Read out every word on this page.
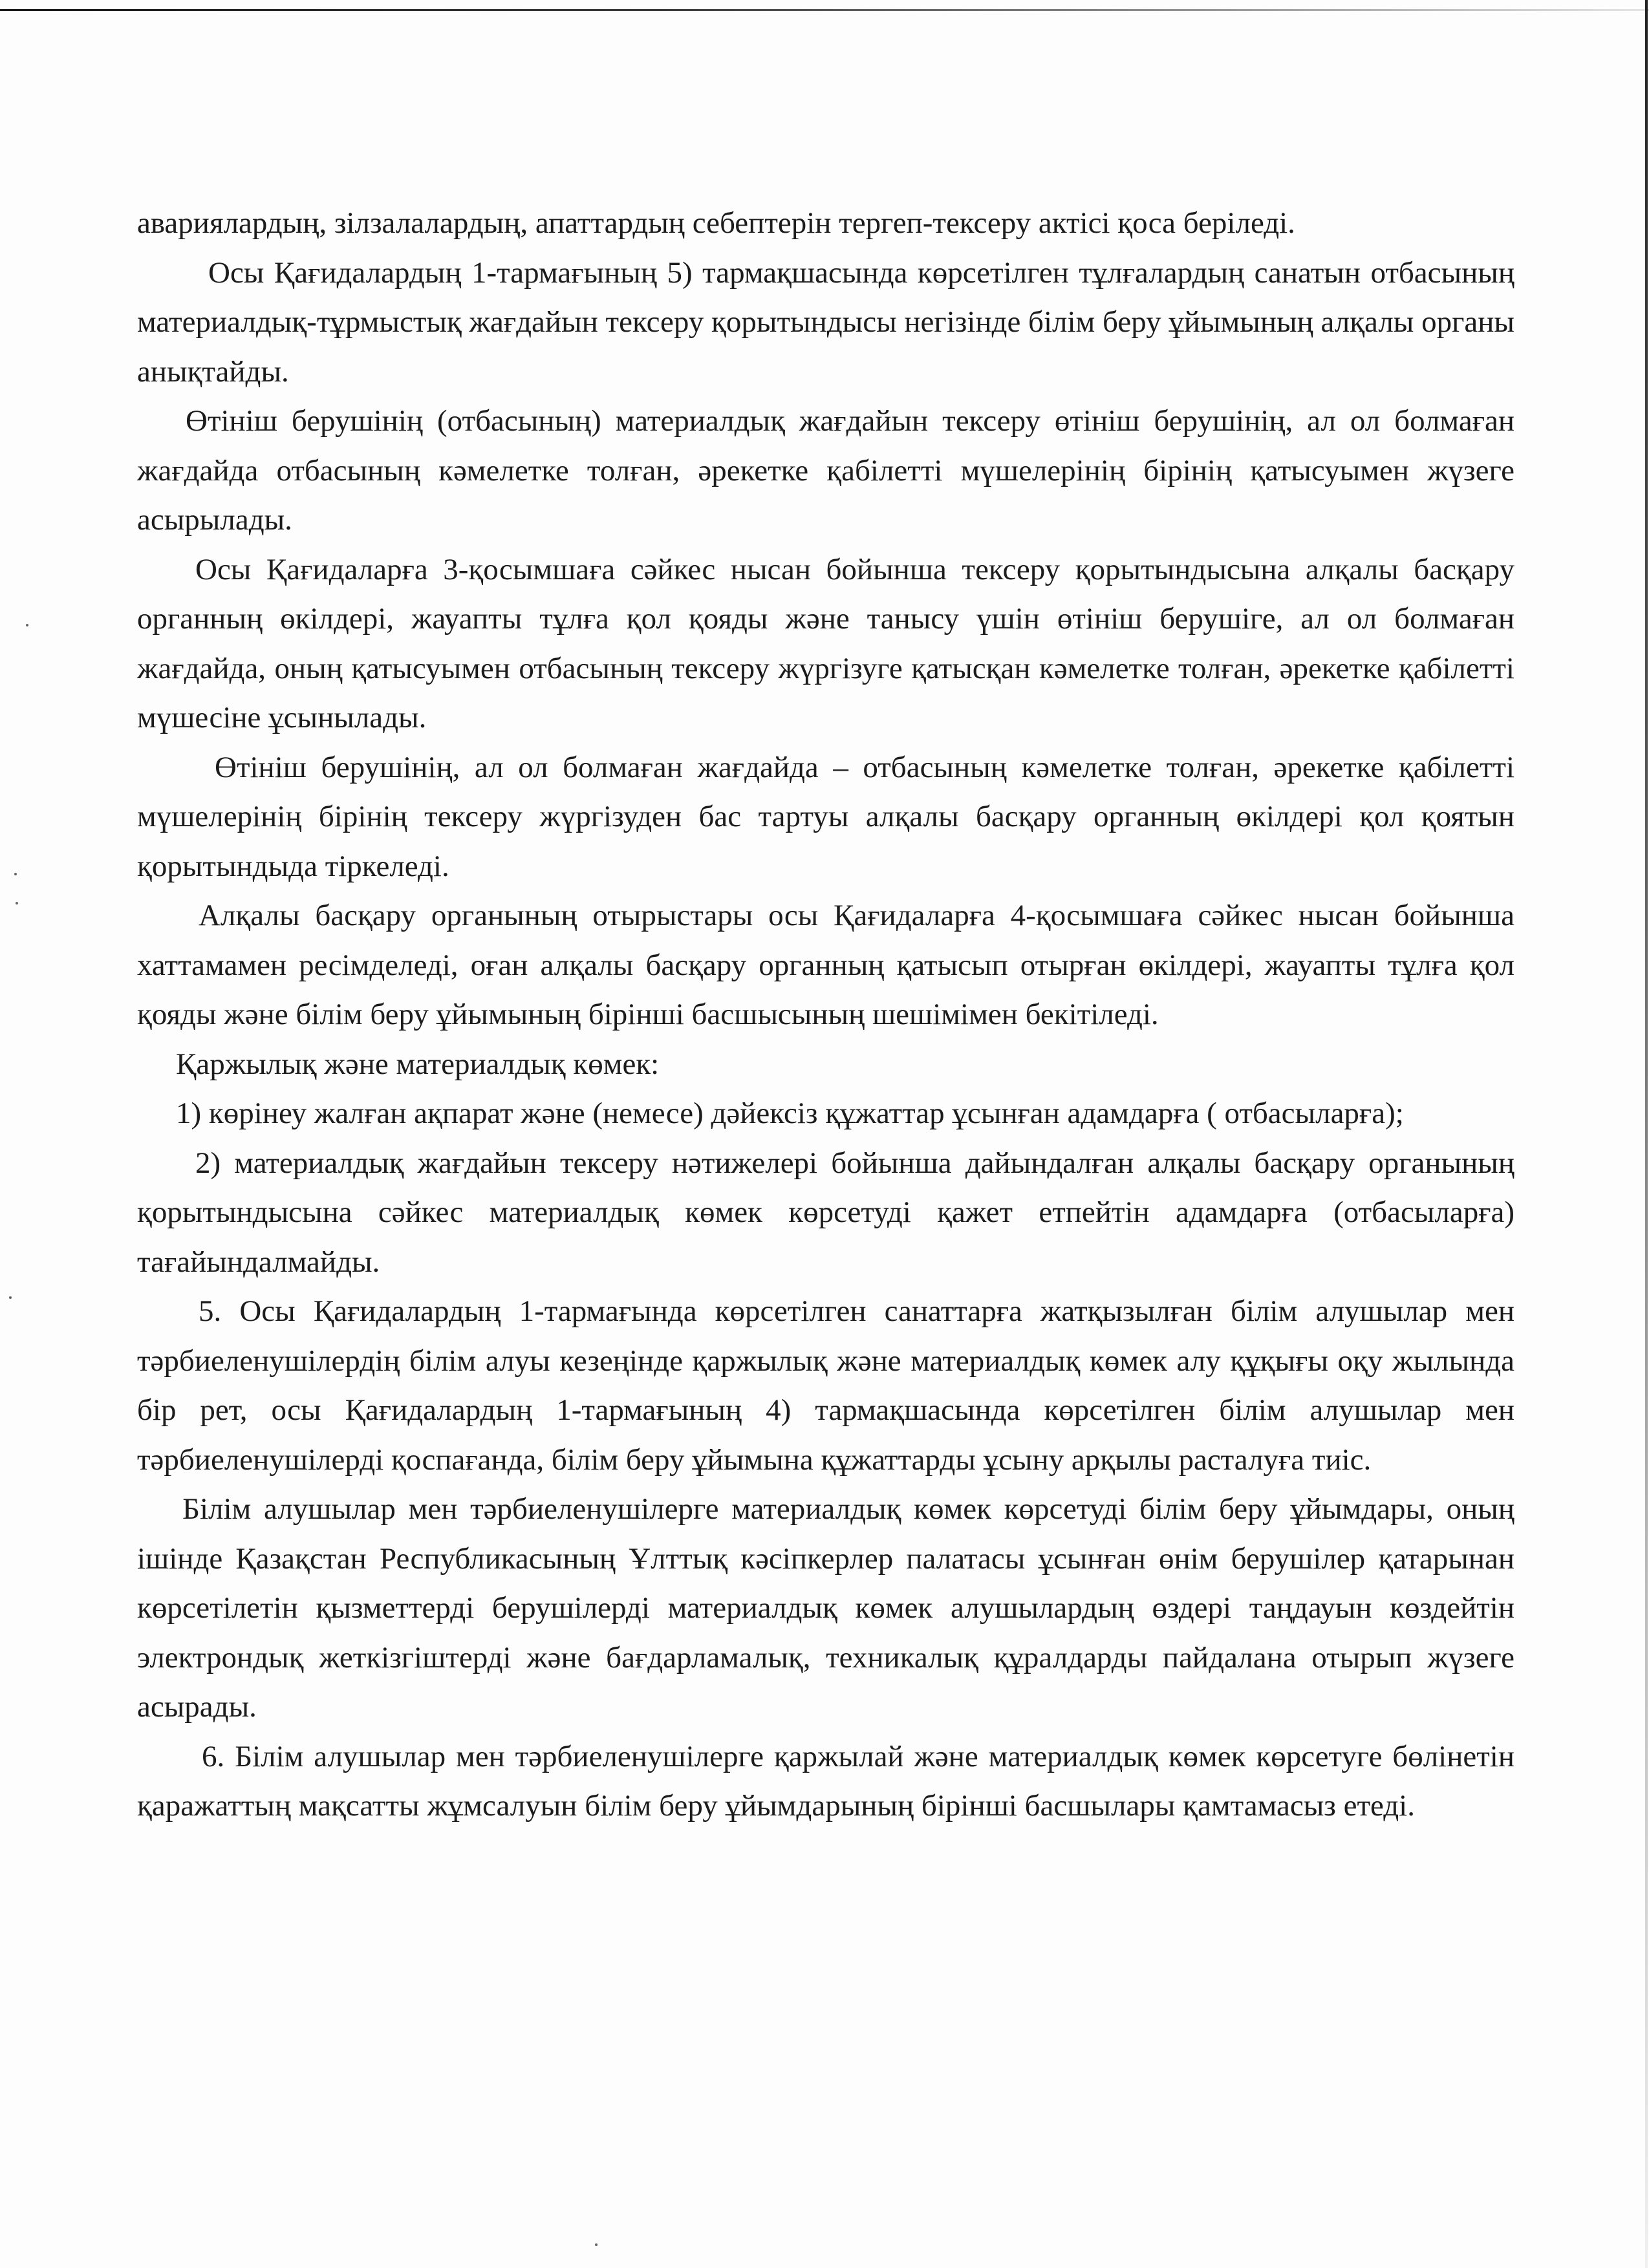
авариялардың, зілзалалардың, апаттардың себептерін тергеп-тексеру актісі қоса беріледі.

Осы Қағидалардың 1-тармағының 5) тармақшасында көрсетілген тұлғалардың санатын отбасының материалдық-тұрмыстық жағдайын тексеру қорытындысы негізінде білім беру ұйымының алқалы органы анықтайды.

Өтініш берушінің (отбасының) материалдық жағдайын тексеру өтініш берушінің, ал ол болмаған жағдайда отбасының кәмелетке толған, әрекетке қабілетті мүшелерінің бірінің қатысуымен жүзеге асырылады.

Осы Қағидаларға 3-қосымшаға сәйкес нысан бойынша тексеру қорытындысына алқалы басқару органның өкілдері, жауапты тұлға қол қояды және танысу үшін өтініш берушіге, ал ол болмаған жағдайда, оның қатысуымен отбасының тексеру жүргізуге қатысқан кәмелетке толған, әрекетке қабілетті мүшесіне ұсынылады.

Өтініш берушінің, ал ол болмаған жағдайда – отбасының кәмелетке толған, әрекетке қабілетті мүшелерінің бірінің тексеру жүргізуден бас тартуы алқалы басқару органның өкілдері қол қоятын қорытындыда тіркеледі.

Алқалы басқару органының отырыстары осы Қағидаларға 4-қосымшаға сәйкес нысан бойынша хаттамамен ресімделеді, оған алқалы басқару органның қатысып отырған өкілдері, жауапты тұлға қол қояды және білім беру ұйымының бірінші басшысының шешімімен бекітіледі.

Қаржылық және материалдық көмек:

1) көрінеу жалған ақпарат және (немесе) дәйексіз құжаттар ұсынған адамдарға ( отбасыларға);

2) материалдық жағдайын тексеру нәтижелері бойынша дайындалған алқалы басқару органының қорытындысына сәйкес материалдық көмек көрсетуді қажет етпейтін адамдарға (отбасыларға) тағайындалмайды.

5. Осы Қағидалардың 1-тармағында көрсетілген санаттарға жатқызылған білім алушылар мен тәрбиеленушілердің білім алуы кезеңінде қаржылық және материалдық көмек алу құқығы оқу жылында бір рет, осы Қағидалардың 1-тармағының 4) тармақшасында көрсетілген білім алушылар мен тәрбиеленушілерді қоспағанда, білім беру ұйымына құжаттарды ұсыну арқылы расталуға тиіс.

Білім алушылар мен тәрбиеленушілерге материалдық көмек көрсетуді білім беру ұйымдары, оның ішінде Қазақстан Республикасының Ұлттық кәсіпкерлер палатасы ұсынған өнім берушілер қатарынан көрсетілетін қызметтерді берушілерді материалдық көмек алушылардың өздері таңдауын көздейтін электрондық жеткізгіштерді және бағдарламалық, техникалық құралдарды пайдалана отырып жүзеге асырады.

6. Білім алушылар мен тәрбиеленушілерге қаржылай және материалдық көмек көрсетуге бөлінетін қаражаттың мақсатты жұмсалуын білім беру ұйымдарының бірінші басшылары қамтамасыз етеді.
